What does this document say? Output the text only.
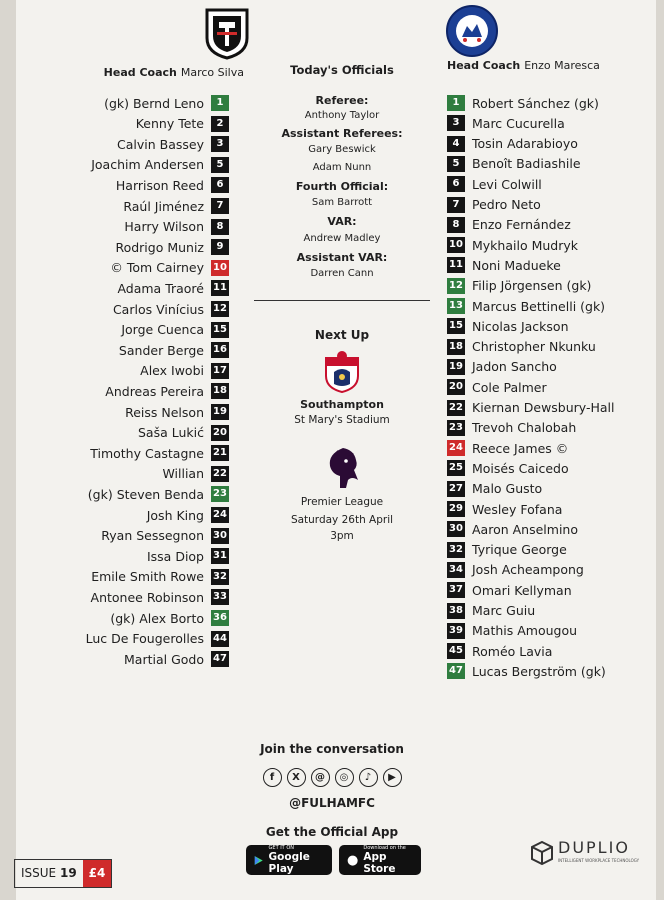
Head Coach Marco Silva
Head Coach Enzo Maresca
(gk) Bernd Leno	1
Kenny Tete	2
Calvin Bassey	3
Joachim Andersen	5
Harrison Reed	6
Raúl Jiménez	7
Harry Wilson	8
Rodrigo Muniz	9
© Tom Cairney 10
Adama Traoré 11
Carlos Vinícius 12
Jorge Cuenca 15
Sander Berge 16
Alex Iwobi 17
Andreas Pereira 18
Reiss Nelson 19
Saša Lukić 20
Timothy Castagne 21
Willian 22
(gk) Steven Benda 23
Josh King 24
Ryan Sessegnon 30
Issa Diop 31
Emile Smith Rowe 32
Antonee Robinson 33
(gk) Alex Borto 36
Luc De Fougerolles 44
Martial Godo 47
1	Robert Sánchez (gk)
3	Marc Cucurella
4	Tosin Adarabioyo
5	Benoît Badiashile
6	Levi Colwill
7	Pedro Neto
8	Enzo Fernández
10 Mykhailo Mudryk
11 Noni Madueke
12 Filip Jörgensen (gk)
13 Marcus Bettinelli (gk)
15 Nicolas Jackson
18 Christopher Nkunku
19 Jadon Sancho
20 Cole Palmer
22 Kiernan Dewsbury-Hall
23 Trevoh Chalobah
24 Reece James ©
25 Moisés Caicedo
27 Malo Gusto
29 Wesley Fofana
30 Aaron Anselmino
32 Tyrique George
34 Josh Acheampong
37 Omari Kellyman
38 Marc Guiu
39 Mathis Amougou
45 Roméo Lavia
47 Lucas Bergström (gk)
Today's Officials
Referee:
Anthony Taylor
Assistant Referees:
Gary Beswick
Adam Nunn
Fourth Official:
Sam Barrott
VAR:
Andrew Madley
Assistant VAR:
Darren Cann
Next Up
Southampton
St Mary's Stadium
Premier League
Saturday 26th April
3pm
Join the conversation
f	X	@	◎	♪	▶
@FULHAMFC
Get the Official App
GET IT ON
Google Play
●
Download on the
App Store
ISSUE 19	£4
DUPLIO
INTELLIGENT WORKPLACE TECHNOLOGY
